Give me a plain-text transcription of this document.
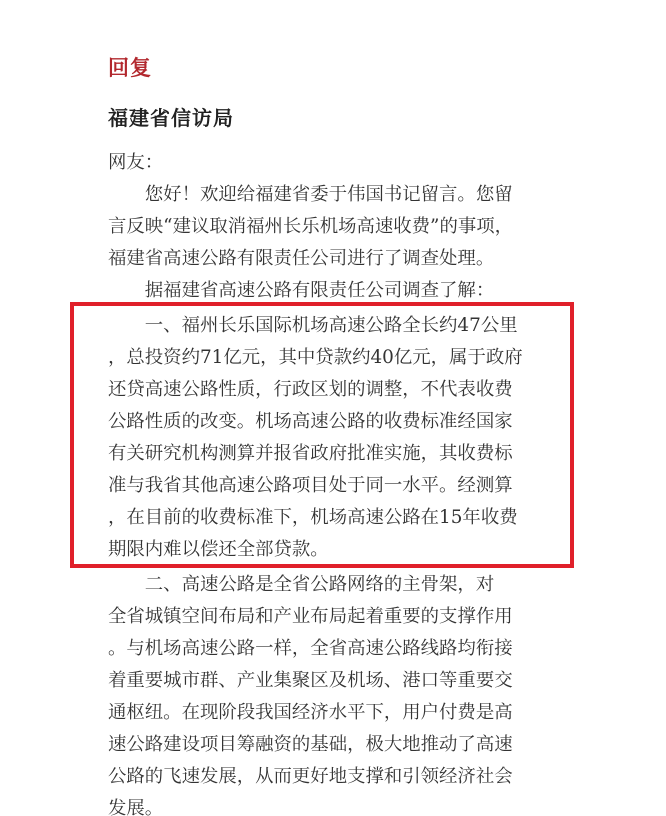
回复
福建省信访局
网友：
　　您好！欢迎给福建省委于伟国书记留言。您留
言反映“建议取消福州长乐机场高速收费”的事项，
福建省高速公路有限责任公司进行了调查处理。
　　据福建省高速公路有限责任公司调查了解：
　　一、福州长乐国际机场高速公路全长约47公里
，总投资约71亿元，其中贷款约40亿元，属于政府
还贷高速公路性质，行政区划的调整，不代表收费
公路性质的改变。机场高速公路的收费标准经国家
有关研究机构测算并报省政府批准实施，其收费标
准与我省其他高速公路项目处于同一水平。经测算
，在目前的收费标准下，机场高速公路在15年收费
期限内难以偿还全部贷款。
　　二、高速公路是全省公路网络的主骨架，对
全省城镇空间布局和产业布局起着重要的支撑作用
。与机场高速公路一样，全省高速公路线路均衔接
着重要城市群、产业集聚区及机场、港口等重要交
通枢纽。在现阶段我国经济水平下，用户付费是高
速公路建设项目筹融资的基础，极大地推动了高速
公路的飞速发展，从而更好地支撑和引领经济社会
发展。
